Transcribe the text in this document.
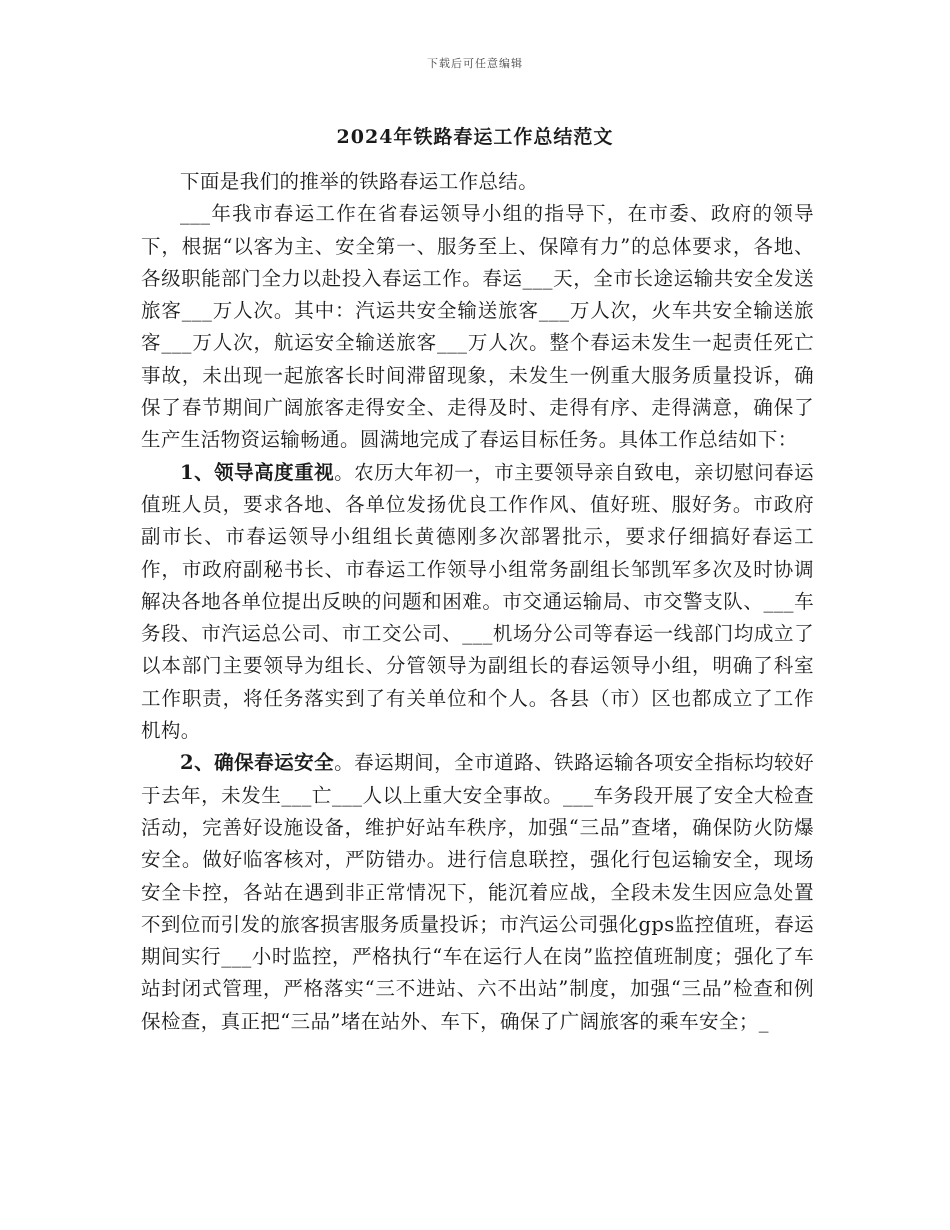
下载后可任意编辑
2024年铁路春运工作总结范文

下面是我们的推举的铁路春运工作总结。

___年我市春运工作在省春运领导小组的指导下，在市委、政府的领导下，根据“以客为主、安全第一、服务至上、保障有力”的总体要求，各地、各级职能部门全力以赴投入春运工作。春运___天，全市长途运输共安全发送旅客___万人次。其中：汽运共安全输送旅客___万人次，火车共安全输送旅客___万人次，航运安全输送旅客___万人次。整个春运未发生一起责任死亡事故，未出现一起旅客长时间滞留现象，未发生一例重大服务质量投诉，确保了春节期间广阔旅客走得安全、走得及时、走得有序、走得满意，确保了生产生活物资运输畅通。圆满地完成了春运目标任务。具体工作总结如下：

1、领导高度重视。农历大年初一，市主要领导亲自致电，亲切慰问春运值班人员，要求各地、各单位发扬优良工作作风、值好班、服好务。市政府副市长、市春运领导小组组长黄德刚多次部署批示，要求仔细搞好春运工作，市政府副秘书长、市春运工作领导小组常务副组长邹凯军多次及时协调解决各地各单位提出反映的问题和困难。市交通运输局、市交警支队、___车务段、市汽运总公司、市工交公司、___机场分公司等春运一线部门均成立了以本部门主要领导为组长、分管领导为副组长的春运领导小组，明确了科室工作职责，将任务落实到了有关单位和个人。各县（市）区也都成立了工作机构。

2、确保春运安全。春运期间，全市道路、铁路运输各项安全指标均较好于去年，未发生___亡___人以上重大安全事故。___车务段开展了安全大检查活动，完善好设施设备，维护好站车秩序，加强“三品”查堵，确保防火防爆安全。做好临客核对，严防错办。进行信息联控，强化行包运输安全，现场安全卡控，各站在遇到非正常情况下，能沉着应战，全段未发生因应急处置不到位而引发的旅客损害服务质量投诉；市汽运公司强化gps监控值班，春运期间实行___小时监控，严格执行“车在运行人在岗”监控值班制度；强化了车站封闭式管理，严格落实“三不进站、六不出站”制度，加强“三品”检查和例保检查，真正把“三品”堵在站外、车下，确保了广阔旅客的乘车安全；_
